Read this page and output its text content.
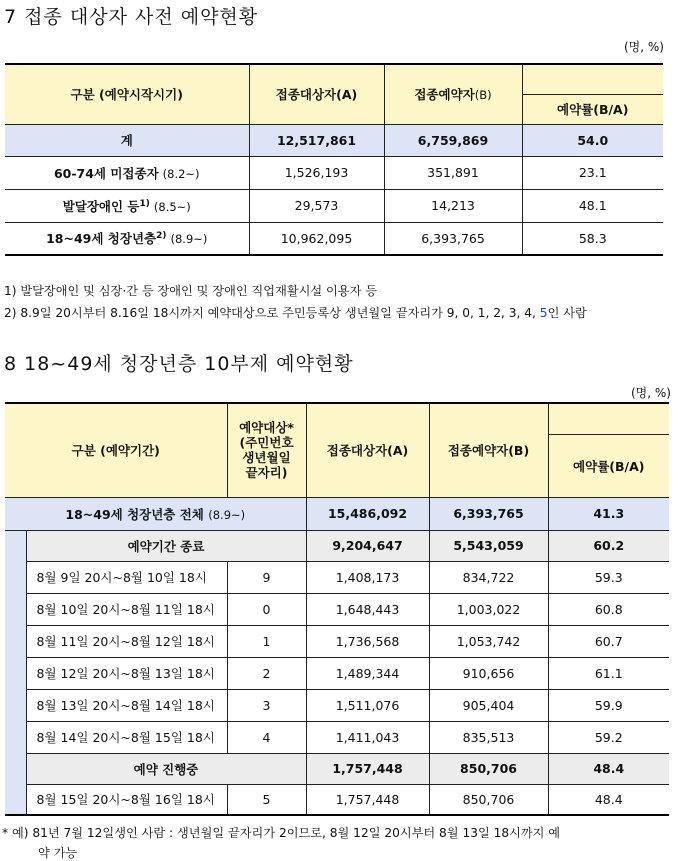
7 접종 대상자 사전 예약현황
(명, %)
구분 (예약시작시기)	접종대상자(A)	접종예약자(B)	
			예약률(B/A)
계	12,517,861	6,759,869	54.0
60-74세 미접종자 (8.2~)	1,526,193	351,891	23.1
발달장애인 등$^{1)}$ (8.5~)	29,573	14,213	48.1
18~49세 청장년층$^{2)}$ (8.9~)	10,962,095	6,393,765	58.3
1) 발달장애인 및 심장·간 등 장애인 및 장애인 직업재활시설 이용자 등
2) 8.9일 20시부터 8.16일 18시까지 예약대상으로 주민등록상 생년월일 끝자리가 9, 0, 1, 2, 3, 4, 5인 사람
8 18~49세 청장년층 10부제 예약현황
(명, %)
구분 (예약기간)		예약대상*
(주민번호
생년월일
끝자리)	접종대상자(A)	접종예약자(B)	
					예약률(B/A)
18~49세 청장년층 전체 (8.9~)			15,486,092	6,393,765	41.3
	예약기간 종료		9,204,647	5,543,059	60.2
	8월 9일 20시~8월 10일 18시	9	1,408,173	834,722	59.3
	8월 10일 20시~8월 11일 18시	0	1,648,443	1,003,022	60.8
	8월 11일 20시~8월 12일 18시	1	1,736,568	1,053,742	60.7
	8월 12일 20시~8월 13일 18시	2	1,489,344	910,656	61.1
	8월 13일 20시~8월 14일 18시	3	1,511,076	905,404	59.9
	8월 14일 20시~8월 15일 18시	4	1,411,043	835,513	59.2
	예약 진행중		1,757,448	850,706	48.4
	8월 15일 20시~8월 16일 18시	5	1,757,448	850,706	48.4
* 예) 81년 7월 12일생인 사람 : 생년월일 끝자리가 2이므로, 8월 12일 20시부터 8월 13일 18시까지 예
약 가능
